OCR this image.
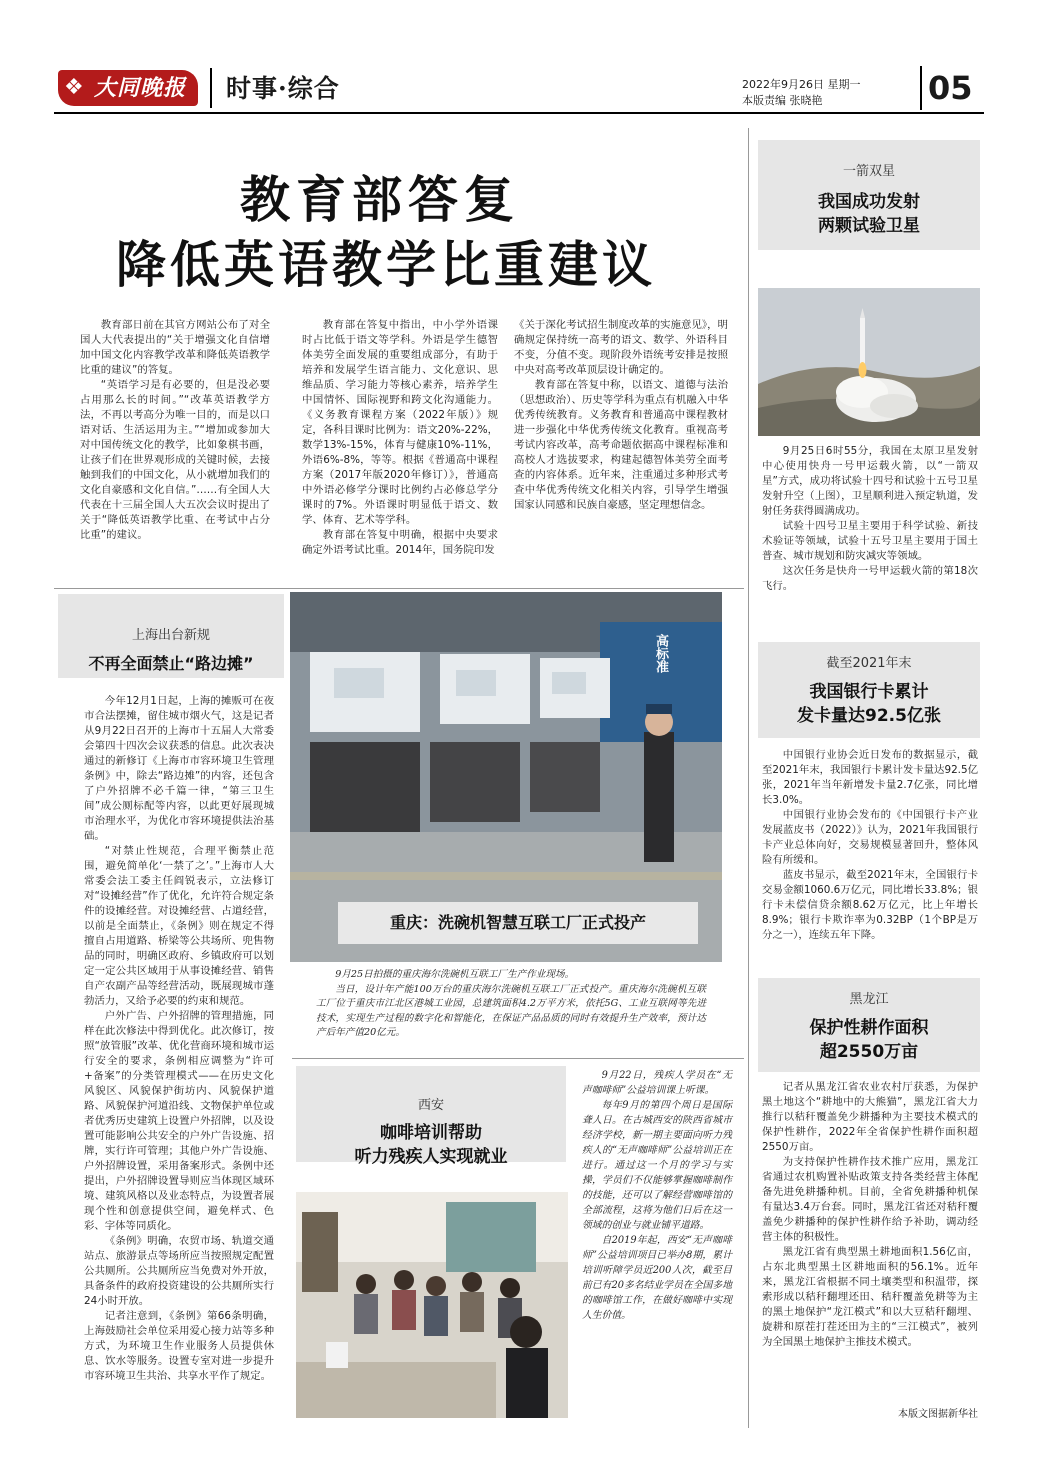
❖ 大同晚报	时事·综合	2022年9月26日 星期一
本版责编 张晓艳	05
教育部答复
降低英语教学比重建议

教育部日前在其官方网站公布了对全国人大代表提出的“关于增强文化自信增加中国文化内容教学改革和降低英语教学比重的建议”的答复。

“英语学习是有必要的，但是没必要占用那么长的时间。”“改革英语教学方法，不再以考高分为唯一目的，而是以口语对话、生活运用为主。”“增加或参加大对中国传统文化的教学，比如象棋书画，让孩子们在世界观形成的关键时候，去接触到我们的中国文化，从小就增加我们的文化自豪感和文化自信。”……有全国人大代表在十三届全国人大五次会议时提出了关于“降低英语教学比重、在考试中占分比重”的建议。

教育部在答复中指出，中小学外语课时占比低于语文等学科。外语是学生德智体美劳全面发展的重要组成部分，有助于培养和发展学生语言能力、文化意识、思维品质、学习能力等核心素养，培养学生中国情怀、国际视野和跨文化沟通能力。《义务教育课程方案（2022年版）》规定，各科目课时比例为：语文20%-22%，数学13%-15%，体育与健康10%-11%，外语6%-8%，等等。根据《普通高中课程方案（2017年版2020年修订）》，普通高中外语必修学分课时比例约占必修总学分课时的7%。外语课时明显低于语文、数学、体育、艺术等学科。

教育部在答复中明确，根据中央要求确定外语考试比重。2014年，国务院印发

《关于深化考试招生制度改革的实施意见》，明确规定保持统一高考的语文、数学、外语科目不变，分值不变。现阶段外语统考安排是按照中央对高考改革顶层设计确定的。

教育部在答复中称，以语文、道德与法治（思想政治）、历史等学科为重点有机融入中华优秀传统教育。义务教育和普通高中课程教材进一步强化中华优秀传统文化教育。重视高考考试内容改革，高考命题依据高中课程标准和高校人才选拔要求，构建起德智体美劳全面考查的内容体系。近年来，注重通过多种形式考查中华优秀传统文化相关内容，引导学生增强国家认同感和民族自豪感，坚定理想信念。

一箭双星
我国成功发射
两颗试验卫星

9月25日6时55分，我国在太原卫星发射中心使用快舟一号甲运载火箭，以“一箭双星”方式，成功将试验十四号和试验十五号卫星发射升空（上图），卫星顺利进入预定轨道，发射任务获得圆满成功。

试验十四号卫星主要用于科学试验、新技术验证等领域，试验十五号卫星主要用于国土普查、城市规划和防灾减灾等领域。

这次任务是快舟一号甲运载火箭的第18次飞行。

截至2021年末
我国银行卡累计
发卡量达92.5亿张

中国银行业协会近日发布的数据显示，截至2021年末，我国银行卡累计发卡量达92.5亿张，2021年当年新增发卡量2.7亿张，同比增长3.0%。

中国银行业协会发布的《中国银行卡产业发展蓝皮书（2022）》认为，2021年我国银行卡产业总体向好，交易规模显著回升，整体风险有所缓和。

蓝皮书显示，截至2021年末，全国银行卡交易金额1060.6万亿元，同比增长33.8%；银行卡未偿信贷余额8.62万亿元，比上年增长8.9%；银行卡欺诈率为0.32BP（1个BP是万分之一），连续五年下降。

黑龙江
保护性耕作面积
超2550万亩

记者从黑龙江省农业农村厅获悉，为保护黑土地这个“耕地中的大熊猫”，黑龙江省大力推行以秸秆覆盖免少耕播种为主要技术模式的保护性耕作，2022年全省保护性耕作面积超2550万亩。

为支持保护性耕作技术推广应用，黑龙江省通过农机购置补贴政策支持各类经营主体配备先进免耕播种机。目前，全省免耕播种机保有量达3.4万台套。同时，黑龙江省还对秸秆覆盖免少耕播种的保护性耕作给予补助，调动经营主体的积极性。

黑龙江省有典型黑土耕地面积1.56亿亩，占东北典型黑土区耕地面积的56.1%。近年来，黑龙江省根据不同土壤类型和积温带，探索形成以秸秆翻埋还田、秸秆覆盖免耕等为主的黑土地保护“龙江模式”和以大豆秸秆翻埋、旋耕和原茬打茬还田为主的“三江模式”，被列为全国黑土地保护主推技术模式。

本版文图据新华社
上海出台新规
不再全面禁止“路边摊”

今年12月1日起，上海的摊贩可在夜市合法摆摊，留住城市烟火气，这是记者从9月22日召开的上海市十五届人大常委会第四十四次会议获悉的信息。此次表决通过的新修订《上海市市容环境卫生管理条例》中，除去“路边摊”的内容，还包含了户外招牌不必千篇一律，“第三卫生间”成公厕标配等内容，以此更好展现城市治理水平，为优化市容环境提供法治基础。

“对禁止性规范，合理平衡禁止范围，避免简单化‘一禁了之’。”上海市人大常委会法工委主任阎锐表示，立法修订对“设摊经营”作了优化，允许符合规定条件的设摊经营。对设摊经营、占道经营，以前是全面禁止，《条例》则在规定不得擅自占用道路、桥梁等公共场所、兜售物品的同时，明确区政府、乡镇政府可以划定一定公共区域用于从事设摊经营、销售自产农副产品等经营活动，既展现城市蓬勃活力，又给予必要的约束和规范。

户外广告、户外招牌的管理措施，同样在此次修法中得到优化。此次修订，按照“放管服”改革、优化营商环境和城市运行安全的要求，条例相应调整为“许可+备案”的分类管理模式——在历史文化风貌区、风貌保护街坊内、风貌保护道路、风貌保护河道沿线、文物保护单位或者优秀历史建筑上设置户外招牌，以及设置可能影响公共安全的户外广告设施、招牌，实行许可管理；其他户外广告设施、户外招牌设置，采用备案形式。条例中还提出，户外招牌设置导则应当体现区域环境、建筑风格以及业态特点，为设置者展现个性和创意提供空间，避免样式、色彩、字体等同质化。

《条例》明确，农贸市场、轨道交通站点、旅游景点等场所应当按照规定配置公共厕所。公共厕所应当免费对外开放，具备条件的政府投资建设的公共厕所实行24小时开放。

记者注意到，《条例》第66条明确，上海鼓励社会单位采用爱心接力站等多种方式，为环境卫生作业服务人员提供休息、饮水等服务。设置专室对进一步提升市容环境卫生共治、共享水平作了规定。

高标准
重庆：洗碗机智慧互联工厂正式投产
9月25日拍摄的重庆海尔洗碗机互联工厂生产作业现场。
当日，设计年产能100万台的重庆海尔洗碗机互联工厂正式投产。重庆海尔洗碗机互联工厂位于重庆市江北区港城工业园，总建筑面积4.2万平方米，依托5G、工业互联网等先进技术，实现生产过程的数字化和智能化，在保证产品品质的同时有效提升生产效率，预计达产后年产值20亿元。
西安
咖啡培训帮助
听力残疾人实现就业
9月22日，残疾人学员在“无声咖啡师”公益培训课上听课。
每年9月的第四个周日是国际聋人日。在古城西安的陕西省城市经济学校，新一期主要面向听力残疾人的“无声咖啡师”公益培训正在进行。通过这一个月的学习与实操，学员们不仅能够掌握咖啡制作的技能，还可以了解经营咖啡馆的全部流程，这将为他们日后在这一领域的创业与就业铺平道路。
自2019年起，西安“无声咖啡师”公益培训项目已举办8期，累计培训听障学员近200人次，截至目前已有20多名结业学员在全国多地的咖啡馆工作，在做好咖啡中实现人生价值。
